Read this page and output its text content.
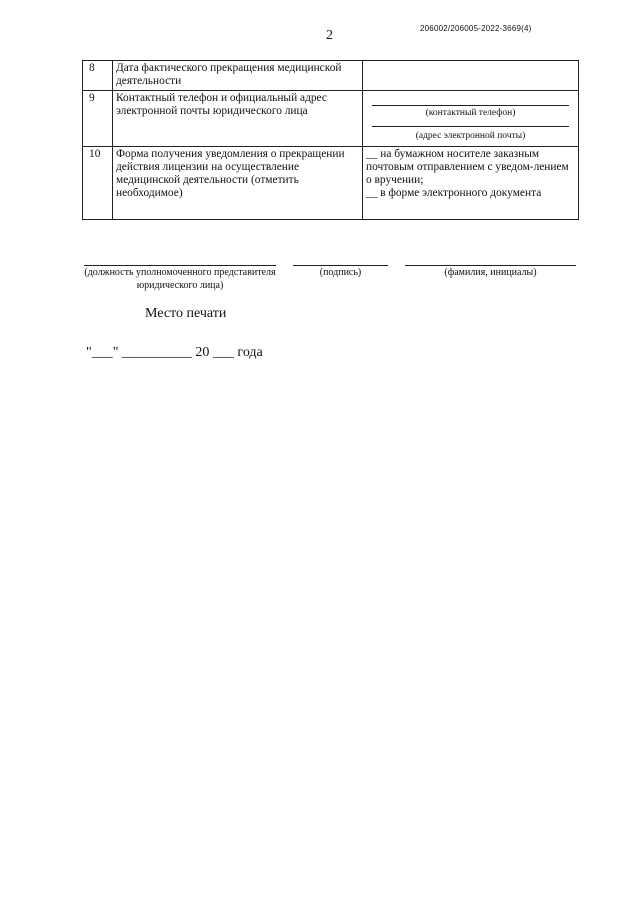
2	206002/206005-2022-3669(4)
8	Дата фактического прекращения медицинской деятельности	
9	Контактный телефон и официальный адрес электронной почты юридического лица	(контактный телефон)
(адрес электронной почты)

10	Форма получения уведомления о прекращении действия лицензии на осуществление медицинской деятельности (отметить необходимое)	__ на бумажном носителе заказным почтовым отправлением с уведом-лением о вручении;
__ в форме электронного документа
(должность уполномоченного представителя юридического лица)
(подпись)	(фамилия, инициалы)
Место печати
"___" __________ 20 ___ года
